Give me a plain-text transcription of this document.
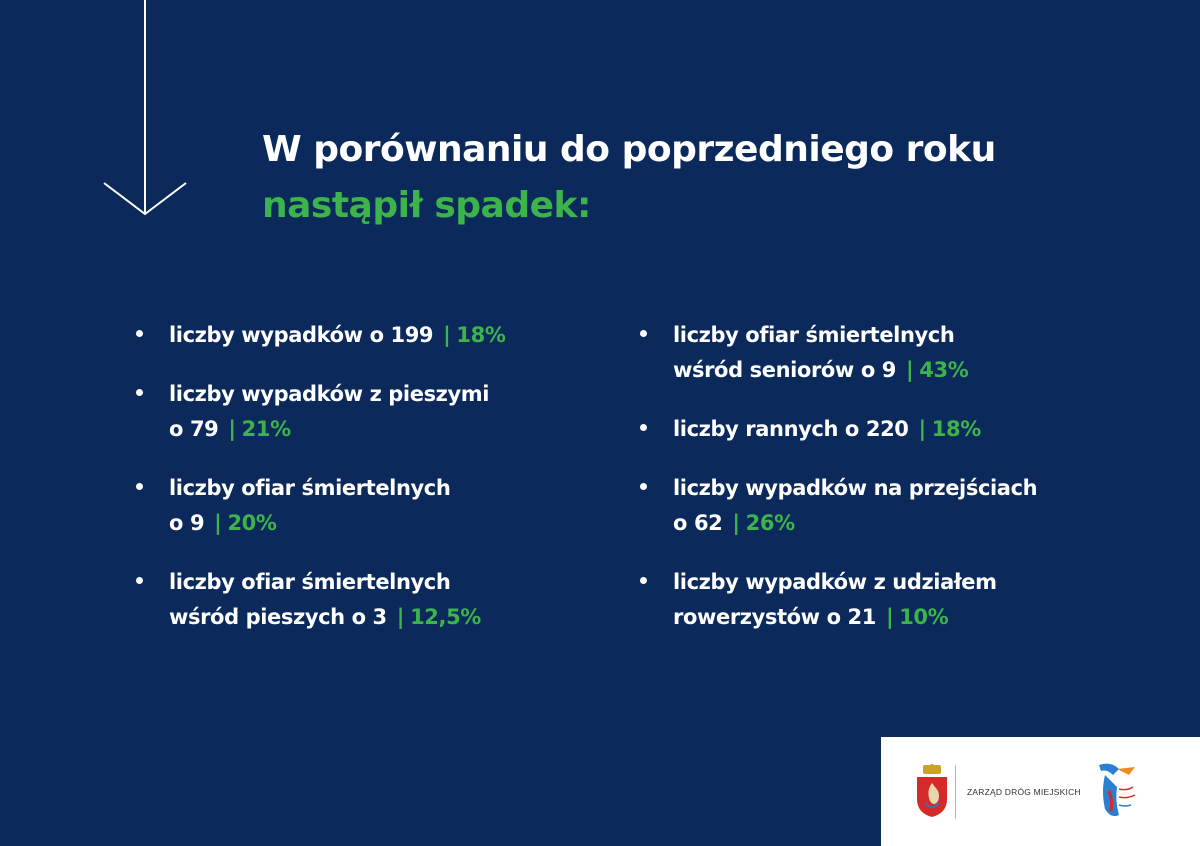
W porównaniu do poprzedniego roku
nastąpił spadek:
liczby wypadków o 199 | 18%
liczby wypadków z pieszymi
o 79 | 21%
liczby ofiar śmiertelnych
o 9 | 20%
liczby ofiar śmiertelnych
wśród pieszych o 3 | 12,5%
liczby ofiar śmiertelnych
wśród seniorów o 9 | 43%
liczby rannych o 220 | 18%
liczby wypadków na przejściach
o 62 | 26%
liczby wypadków z udziałem
rowerzystów o 21 | 10%
ZARZĄD DRÓG MIEJSKICH
